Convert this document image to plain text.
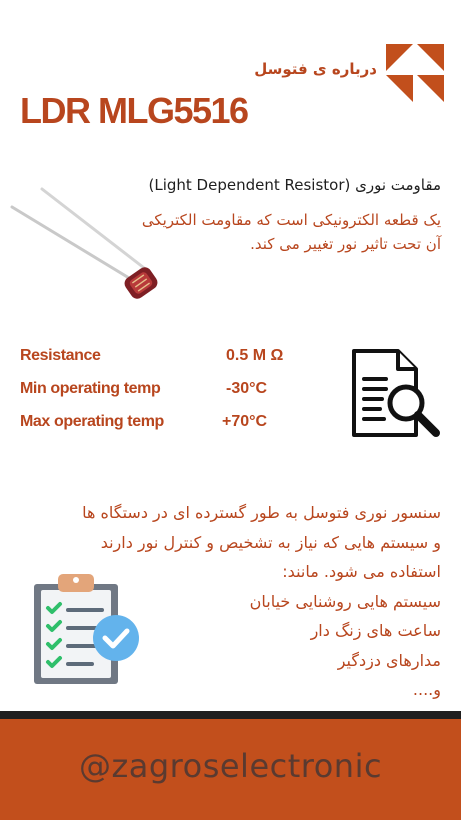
درباره ی فتوسل
LDR MLG5516
مقاومت نوری (Light Dependent Resistor)
یک قطعه الکترونیکی است که مقاومت الکتریکی
آن تحت تاثیر نور تغییر می کند.
Resistance	0.5 M Ω
Min operating temp	-30°C
Max operating temp	+70°C
سنسور نوری فتوسل به طور گسترده ای در دستگاه ها
و سیستم هایی که نیاز به تشخیص و کنترل نور دارند
استفاده می شود. مانند:
سیستم هایی روشنایی خیابان
ساعت های زنگ دار
مدارهای دزدگیر
و....
@zagroselectronic
